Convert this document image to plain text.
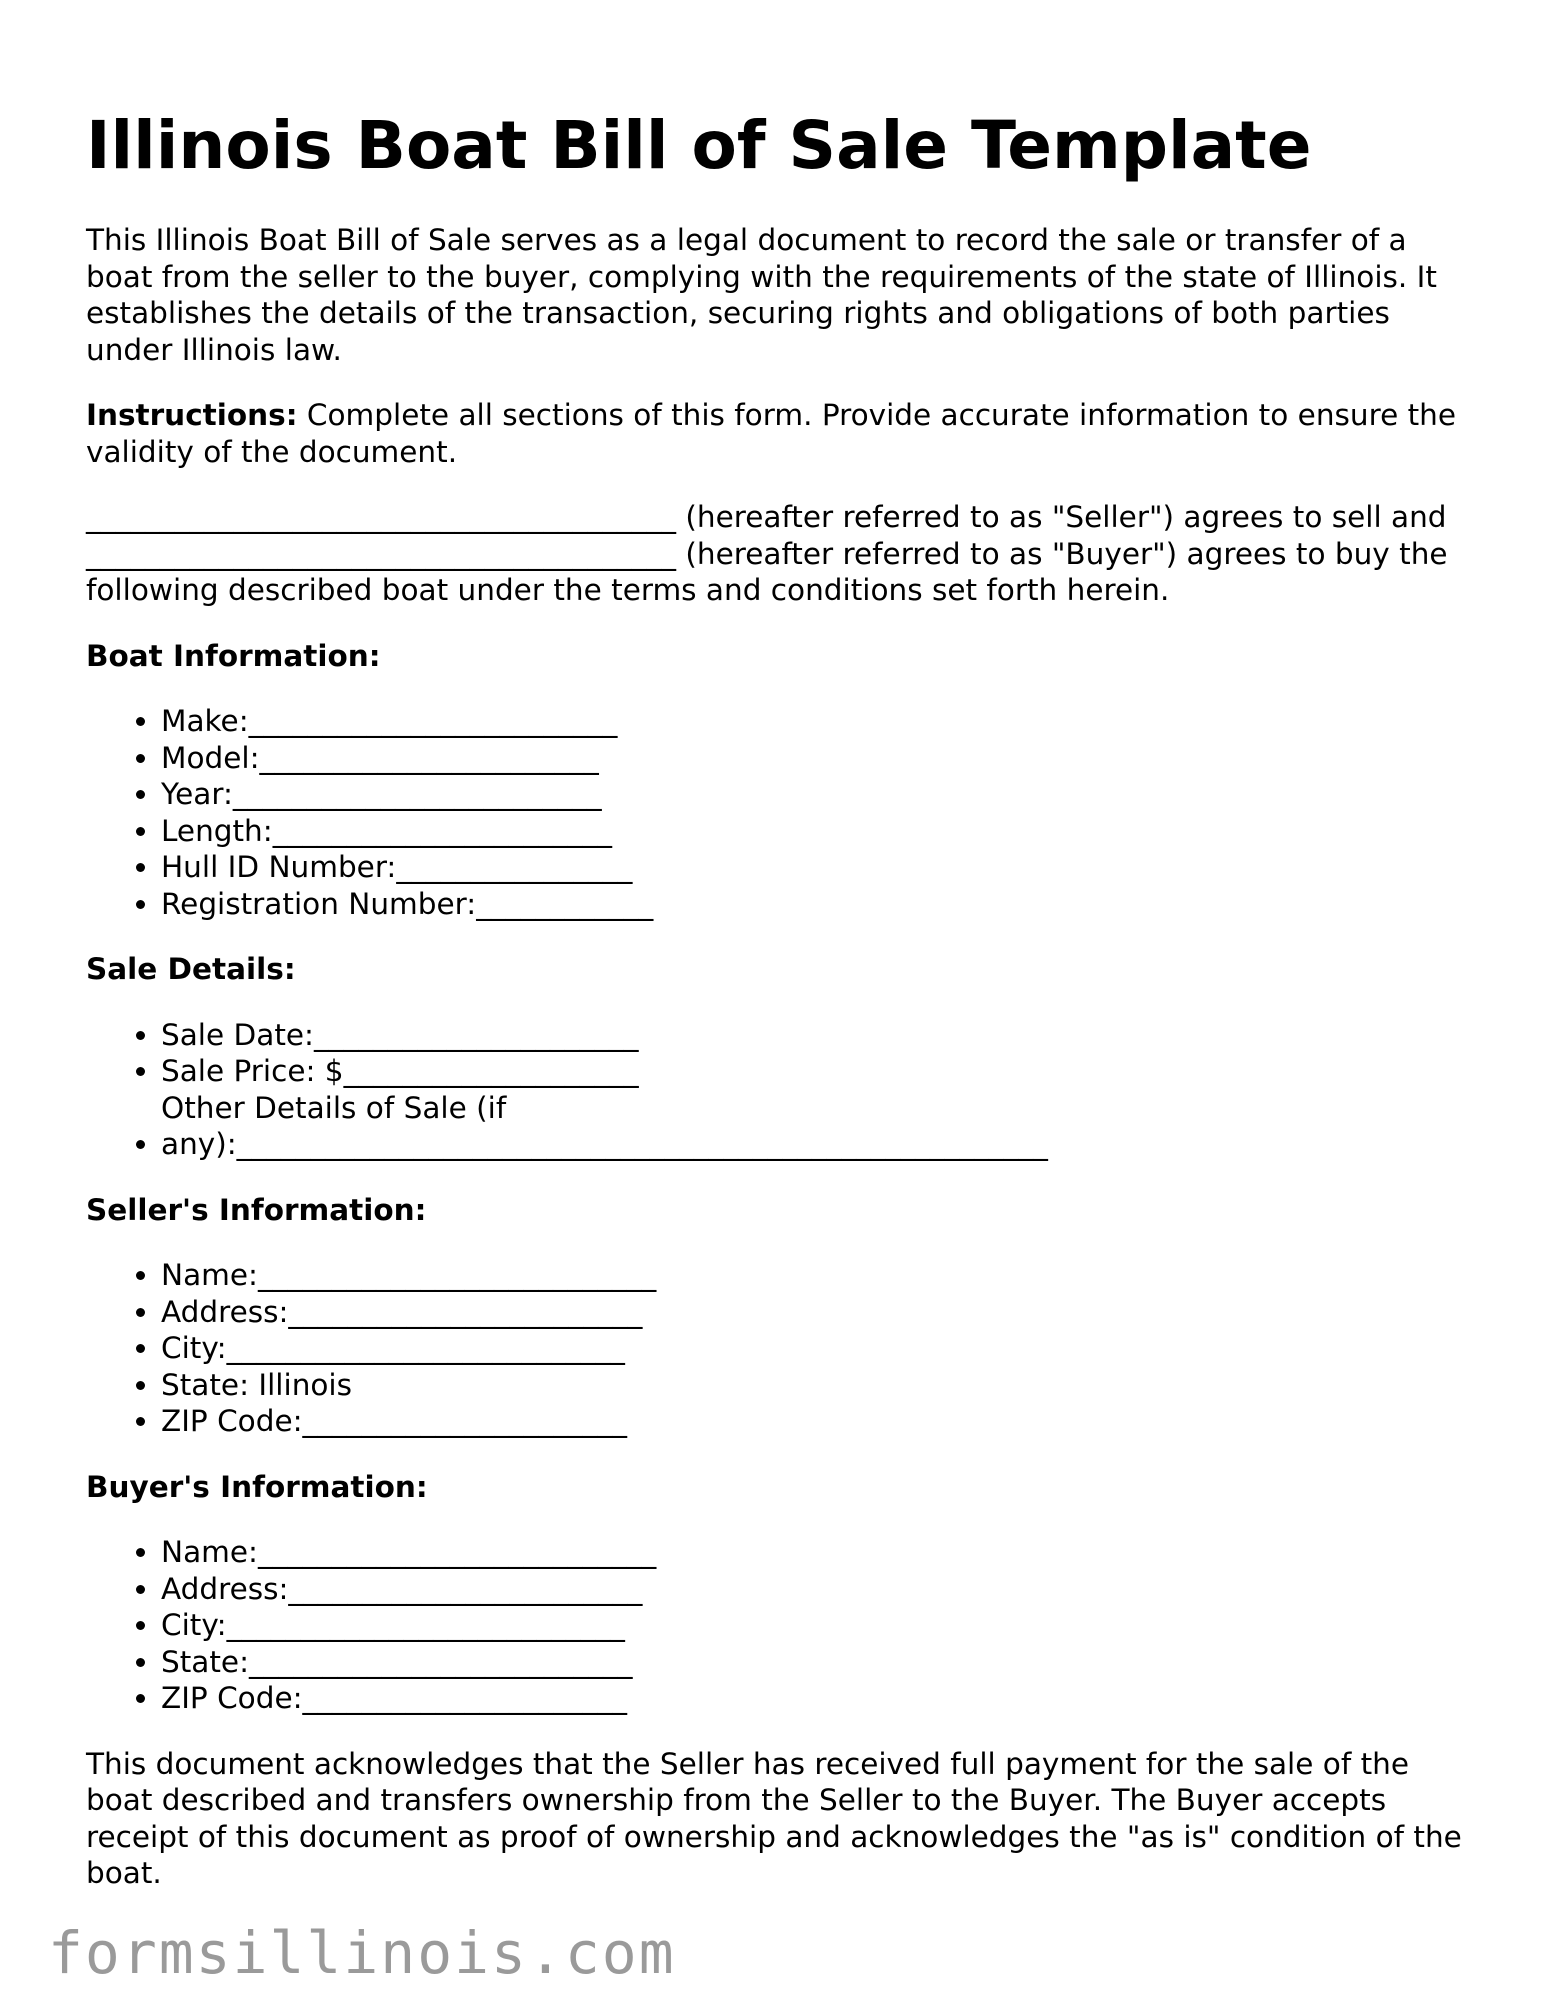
Illinois Boat Bill of Sale Template

This Illinois Boat Bill of Sale serves as a legal document to record the sale or transfer of a boat from the seller to the buyer, complying with the requirements of the state of Illinois. It establishes the details of the transaction, securing rights and obligations of both parties under Illinois law.

Instructions: Complete all sections of this form. Provide accurate information to ensure the validity of the document.

________________________________________ (hereafter referred to as "Seller") agrees to sell and ________________________________________ (hereafter referred to as "Buyer") agrees to buy the following described boat under the terms and conditions set forth herein.

Boat Information:
• Make:_________________________
• Model:_______________________
• Year:_________________________
• Length:_______________________
• Hull ID Number:________________
• Registration Number:____________
Sale Details:
• Sale Date:______________________
• Sale Price: $____________________
• Other Details of Sale (if any):_______________________________________________________
Seller's Information:
• Name:___________________________
• Address:________________________
• City:___________________________
• State: Illinois
• ZIP Code:______________________
Buyer's Information:
• Name:___________________________
• Address:________________________
• City:___________________________
• State:__________________________
• ZIP Code:______________________

This document acknowledges that the Seller has received full payment for the sale of the boat described and transfers ownership from the Seller to the Buyer. The Buyer accepts receipt of this document as proof of ownership and acknowledges the "as is" condition of the boat.

formsillinois.com
